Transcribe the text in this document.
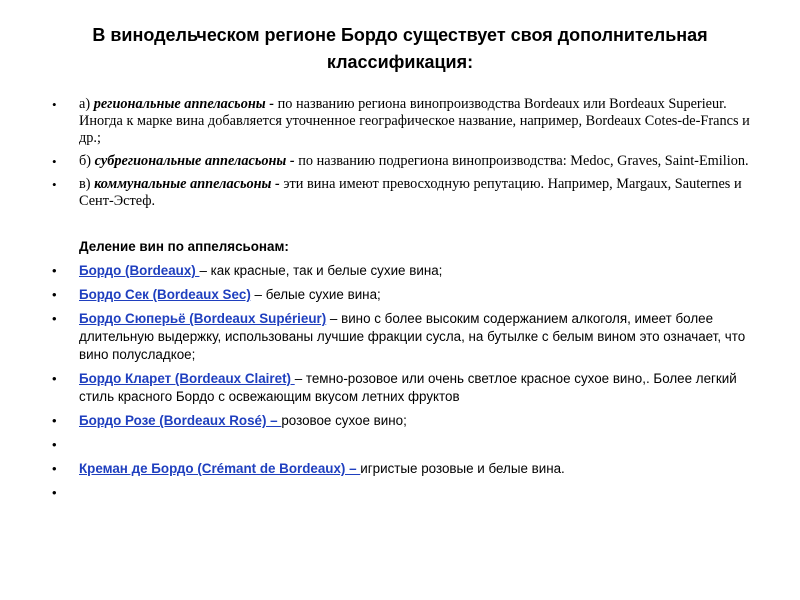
В винодельческом регионе Бордо существует своя дополнительная классификация:
• а) региональные аппеласьоны - по названию региона винопроизводства Bordeaux или Bordeaux Superieur. Иногда к марке вина добавляется уточненное географическое название, например, Bordeaux Cotes-de-Francs и др.;
• б) субрегиональные аппеласьоны - по названию подрегиона винопроизводства: Medoc, Graves, Saint-Emilion.
• в) коммунальные аппеласьоны - эти вина имеют превосходную репутацию. Например, Margaux, Sauternes и Сент-Эстеф.
Деление вин по аппелясьонам:
• Бордо (Bordeaux) – как красные, так и белые сухие вина;
• Бордо Сек (Bordeaux Sec) – белые сухие вина;
• Бордо Сюперьё (Bordeaux Supérieur) – вино с более высоким содержанием алкоголя, имеет более длительную выдержку, использованы лучшие фракции сусла, на бутылке с белым вином это означает, что вино полусладкое;
• Бордо Кларет (Bordeaux Clairet) – темно-розовое или очень светлое красное сухое вино,. Более легкий стиль красного Бордо с освежающим вкусом летних фруктов
• Бордо Розе (Bordeaux Rosé) – розовое сухое вино;
•
• Креман де Бордо (Crémant de Bordeaux) – игристые розовые и белые вина.
•
